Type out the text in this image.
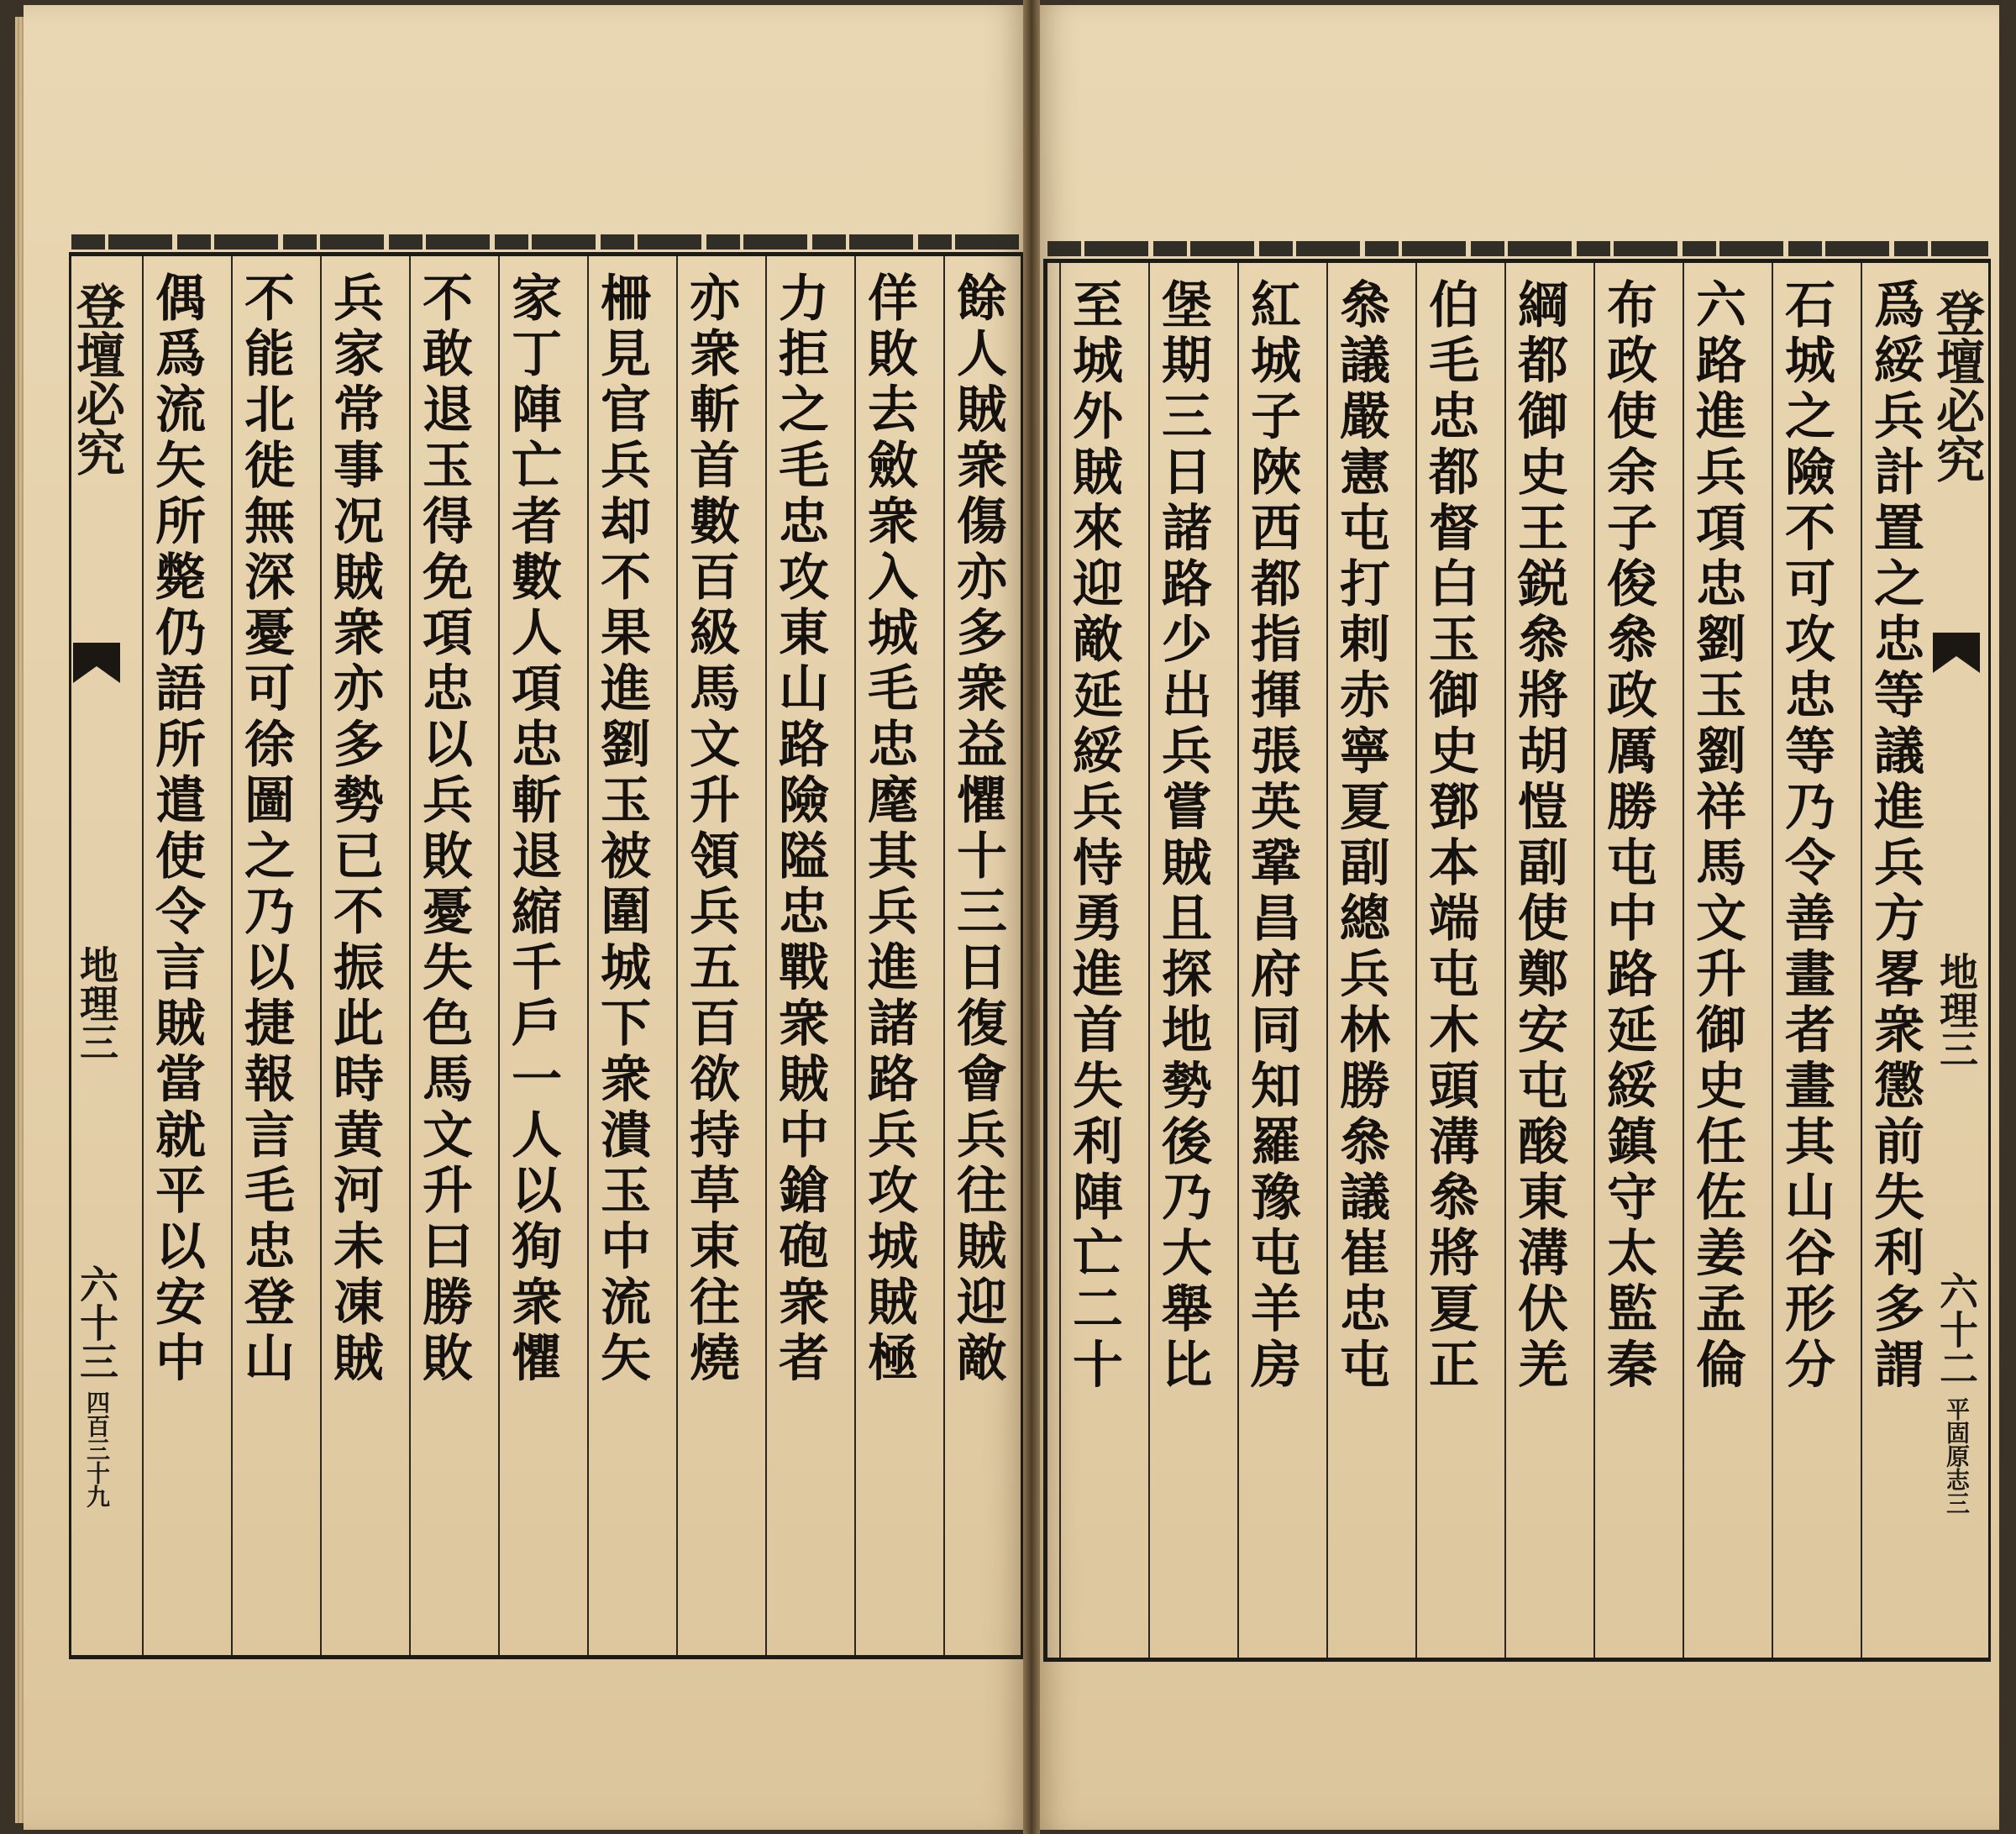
登壇必究
地理三
六十三
四百三十九
餘人賊衆傷亦多衆益懼十三日復會兵往賊迎敵
佯敗去斂衆入城毛忠麾其兵進諸路兵攻城賊極
力拒之毛忠攻東山路險隘忠戰衆賊中鎗砲衆者
亦衆斬首數百級馬文升領兵五百欲持草束往燒
柵見官兵却不果進劉玉被圍城下衆潰玉中流矢
家丁陣亡者數人項忠斬退縮千戶一人以狥衆懼
不敢退玉得免項忠以兵敗憂失色馬文升曰勝敗
兵家常事况賊衆亦多勢已不振此時黄河未凍賊
不能北徙無深憂可徐圖之乃以捷報言毛忠登山
偶爲流矢所斃仍語所遣使令言賊當就平以安中	登壇必究
地理三
六十二
平固原志三
爲綏兵計置之忠等議進兵方畧衆懲前失利多謂
石城之險不可攻忠等乃令善畫者畫其山谷形分
六路進兵項忠劉玉劉祥馬文升御史任佐姜孟倫
布政使余子俊叅政厲勝屯中路延綏鎮守太監秦
綱都御史王鋭叅將胡愷副使鄭安屯酸東溝伏羌
伯毛忠都督白玉御史鄧本端屯木頭溝叅將夏正
叅議嚴憲屯打剌赤寧夏副總兵林勝叅議崔忠屯
紅城子陜西都指揮張英鞏昌府同知羅豫屯羊房
堡期三日諸路少出兵嘗賊且探地勢後乃大舉比
至城外賊來迎敵延綏兵恃勇進首失利陣亡二十
